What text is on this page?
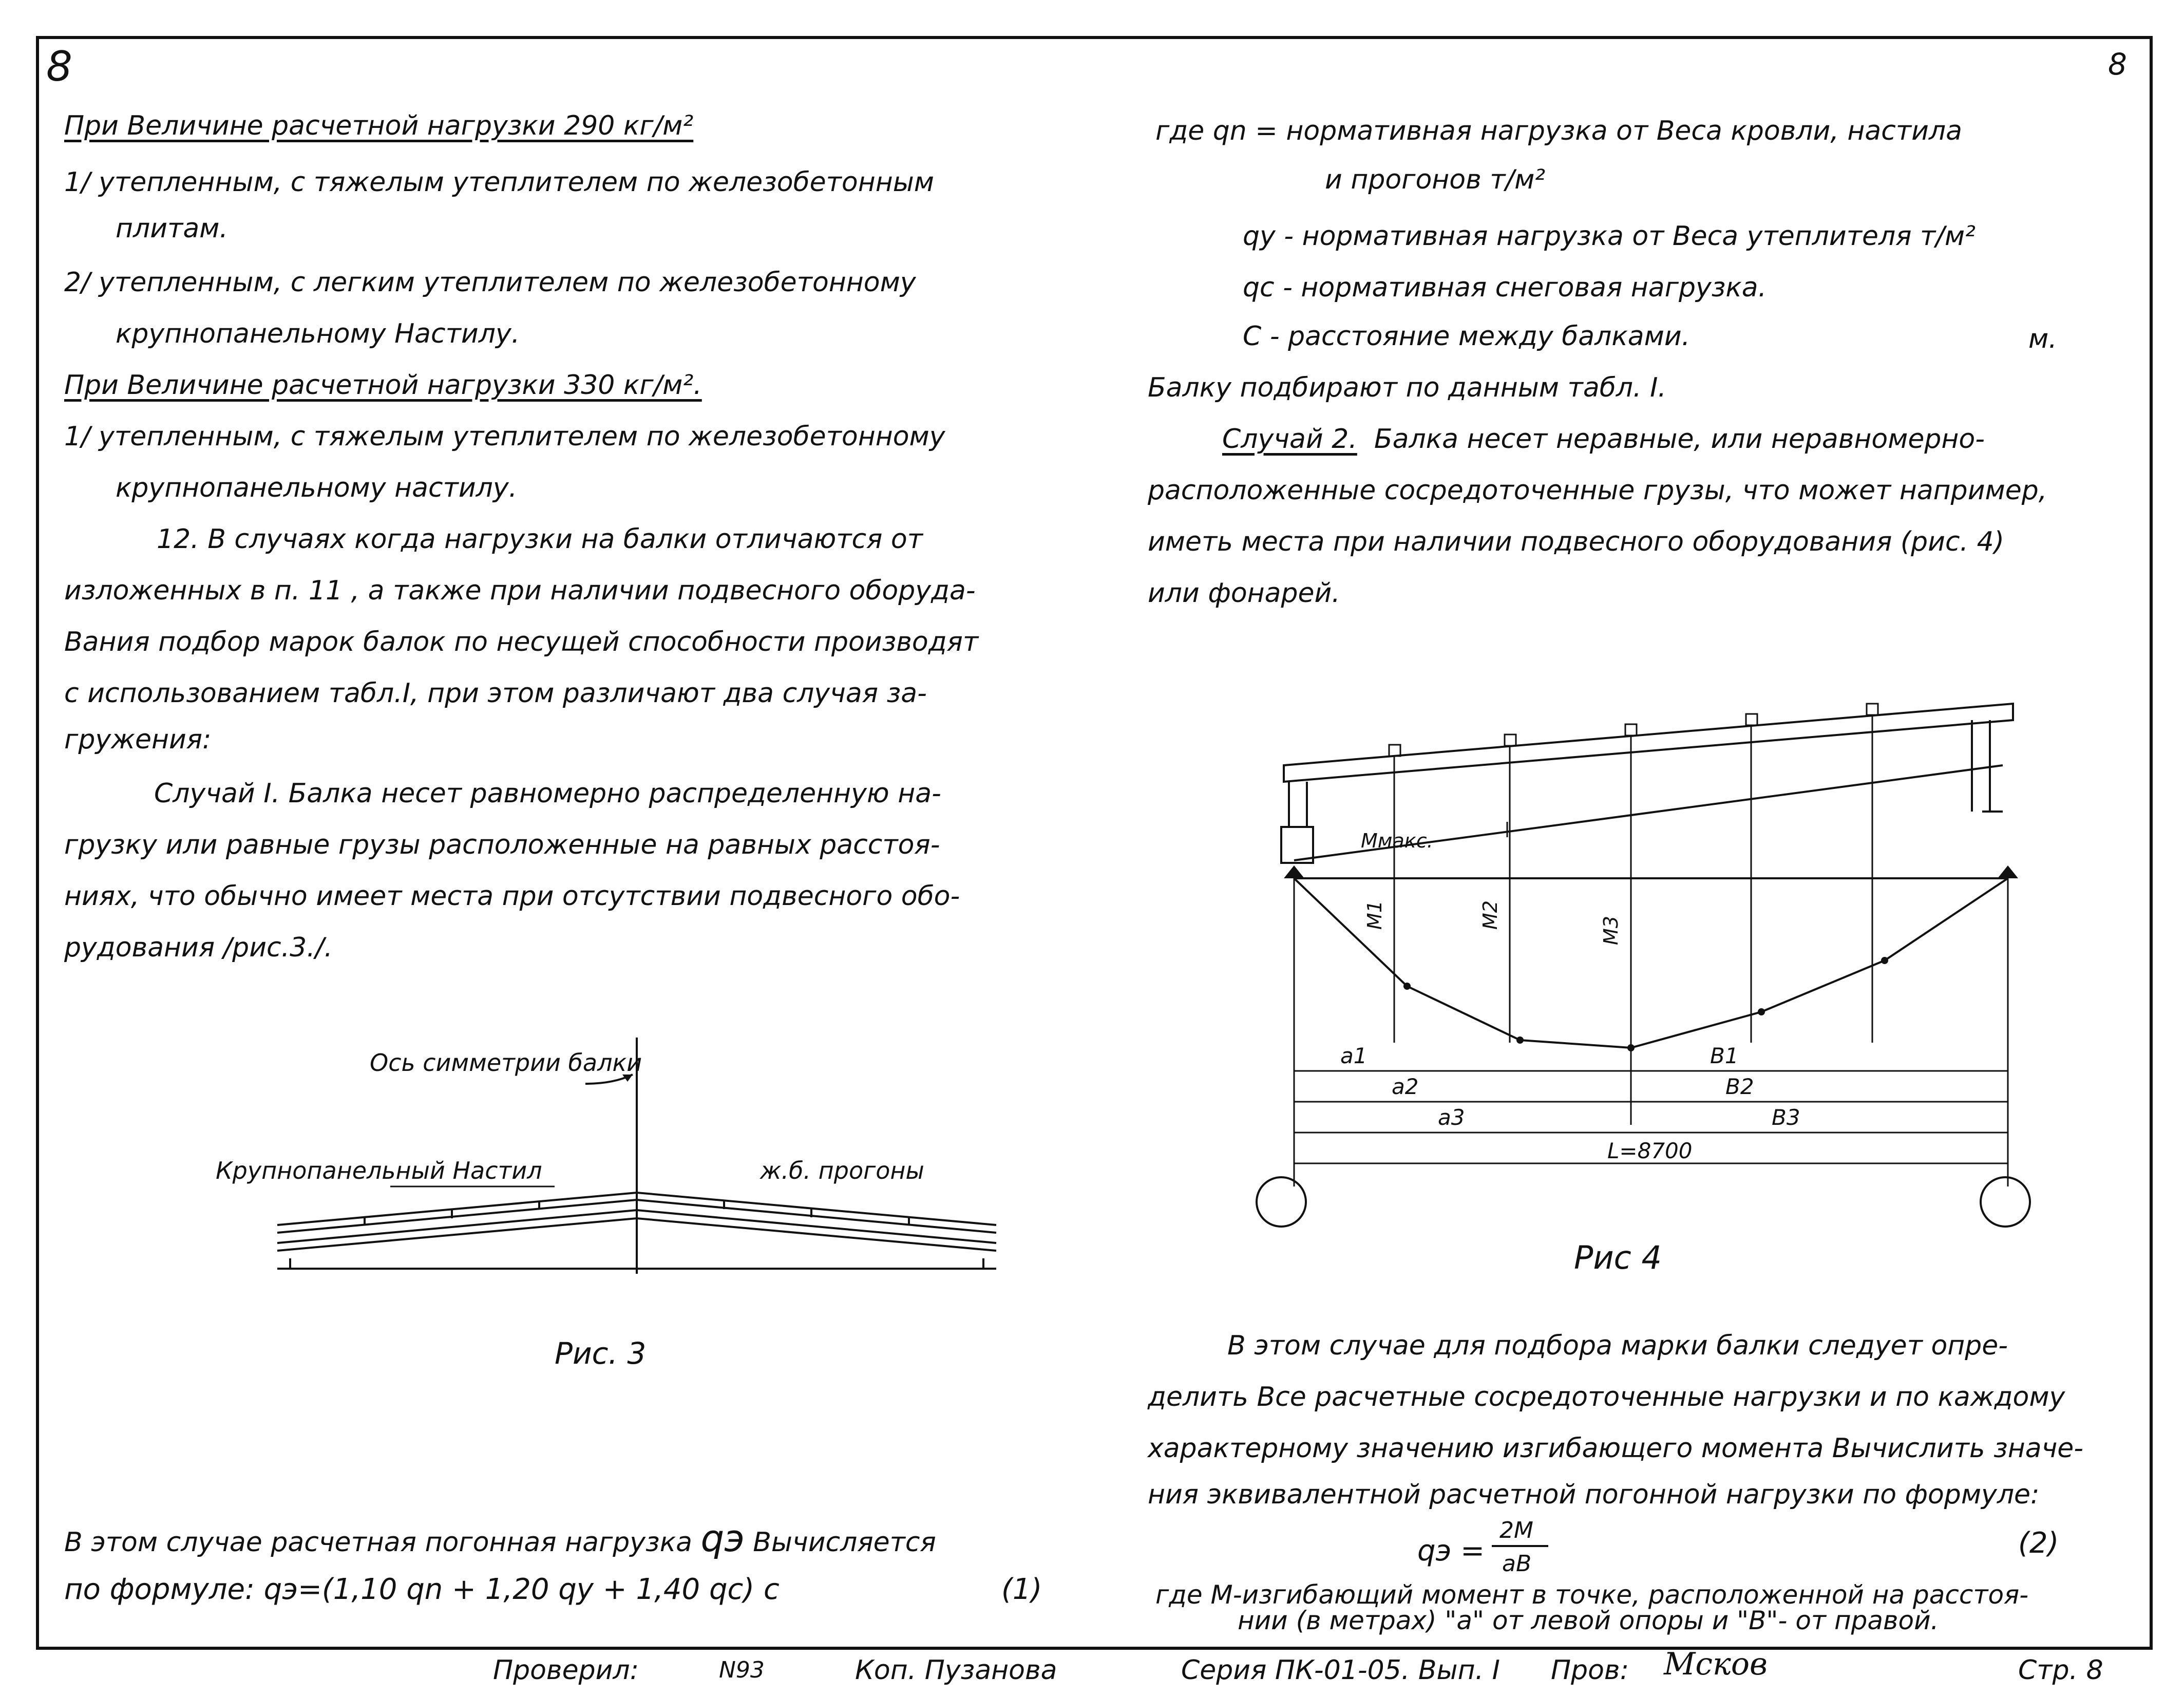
8	8
При Величине расчетной нагрузки 290 кг/м²
1/ утепленным, с тяжелым утеплителем по железобетонным
плитам.
2/ утепленным, с легким утеплителем по железобетонному
крупнопанельному Настилу.
При Величине расчетной нагрузки 330 кг/м².
1/ утепленным, с тяжелым утеплителем по железобетонному
крупнопанельному настилу.
12. В случаях когда нагрузки на балки отличаются от
изложенных в п. 11 , а также при наличии подвесного оборуда-
Вания подбор марок балок по несущей способности производят
с использованием табл.I, при этом различают два случая за-
гружения:
Случай I. Балка несет равномерно распределенную на-
грузку или равные грузы расположенные на равных расстоя-
ниях, что обычно имеет места при отсутствии подвесного обо-
рудования /рис.3./.
Ось симметрии балки
Крупнопанельный Настил	ж.б. прогоны
Рис. 3
В этом случае расчетная погонная нагрузка qэ Вычисляется
по формуле: qэ=(1,10 qn + 1,20 qy + 1,40 qc) c	(1)
где qn = нормативная нагрузка от Веса кровли, настила
и прогонов т/м²
qy - нормативная нагрузка от Веса утеплителя т/м²
qc - нормативная снеговая нагрузка.
C - расстояние между балками.	м.
Балку подбирают по данным табл. I.
Случай 2. Балка несет неравные, или неравномерно-
расположенные сосредоточенные грузы, что может например,
иметь места при наличии подвесного оборудования (рис. 4)
или фонарей.
Mмакс.
M1	M2
M3
a1
a2
a3
B1
B2
B3
L=8700
Рис 4
В этом случае для подбора марки балки следует опре-
делить Все расчетные сосредоточенные нагрузки и по каждому
характерному значению изгибающего момента Вычислить значе-
ния эквивалентной расчетной погонной нагрузки по формуле:
qэ =
2M
aB
(2)
где M-изгибающий момент в точке, расположенной на расстоя-
нии (в метрах) "a" от левой опоры и "B"- от правой.
Проверил:	N93	Коп. Пузанова	Серия ПК-01-05. Вып. I Пров: Мсков	Стр. 8
